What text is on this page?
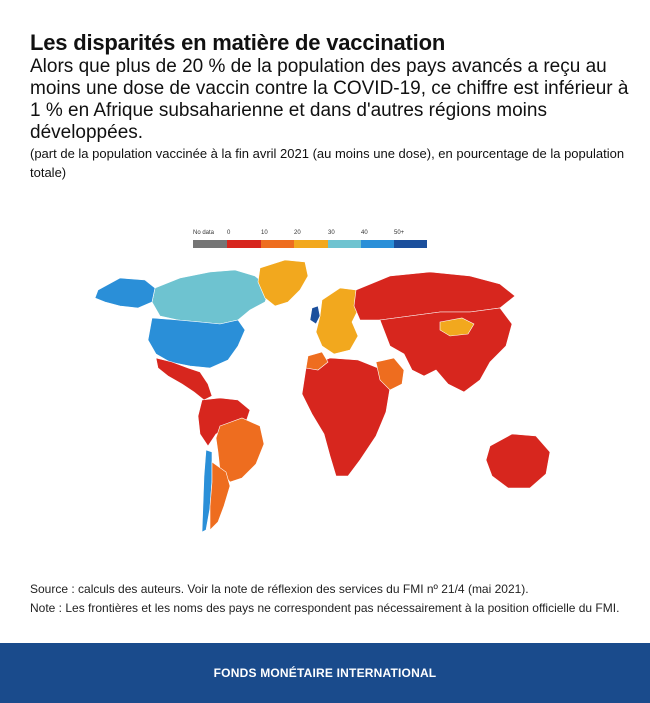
Les disparités en matière de vaccination
Alors que plus de 20 % de la population des pays avancés a reçu au moins une dose de vaccin contre la COVID-19, ce chiffre est inférieur à 1 % en Afrique subsaharienne et dans d'autres régions moins développées.
(part de la population vaccinée à la fin avril 2021 (au moins une dose), en pourcentage de la population totale)
No data 0	10	20	30	40	50+
Source : calculs des auteurs. Voir la note de réflexion des services du FMI nº 21/4 (mai 2021).
Note : Les frontières et les noms des pays ne correspondent pas nécessairement à la position officielle du FMI.
FONDS MONÉTAIRE INTERNATIONAL
